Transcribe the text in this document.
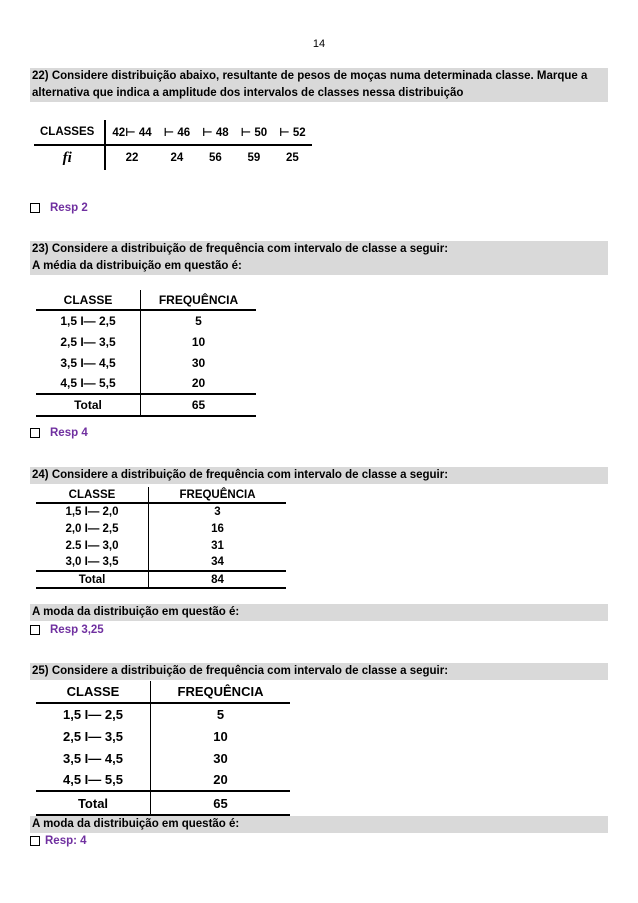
14
22) Considere distribuição abaixo, resultante de pesos de moças numa determinada classe. Marque a alternativa que indica a amplitude dos intervalos de classes nessa distribuição
CLASSES	42⊢ 44	⊢ 46	⊢ 48	⊢ 50	⊢ 52
fi	22	24	56	59	25
Resp 2
23) Considere a distribuição de frequência com intervalo de classe a seguir:
A média da distribuição em questão é:
CLASSE	FREQUÊNCIA
1,5 I— 2,5	5
2,5 I— 3,5	10
3,5 I— 4,5	30
4,5 I— 5,5	20
Total	65
Resp 4
24) Considere a distribuição de frequência com intervalo de classe a seguir:
CLASSE	FREQUÊNCIA
1,5 I— 2,0	3
2,0 I— 2,5	16
2.5 I— 3,0	31
3,0 I— 3,5	34
Total	84
A moda da distribuição em questão é:
Resp 3,25
25) Considere a distribuição de frequência com intervalo de classe a seguir:
CLASSE	FREQUÊNCIA
1,5 I— 2,5	5
2,5 I— 3,5	10
3,5 I— 4,5	30
4,5 I— 5,5	20
Total	65
A moda da distribuição em questão é:
Resp: 4
